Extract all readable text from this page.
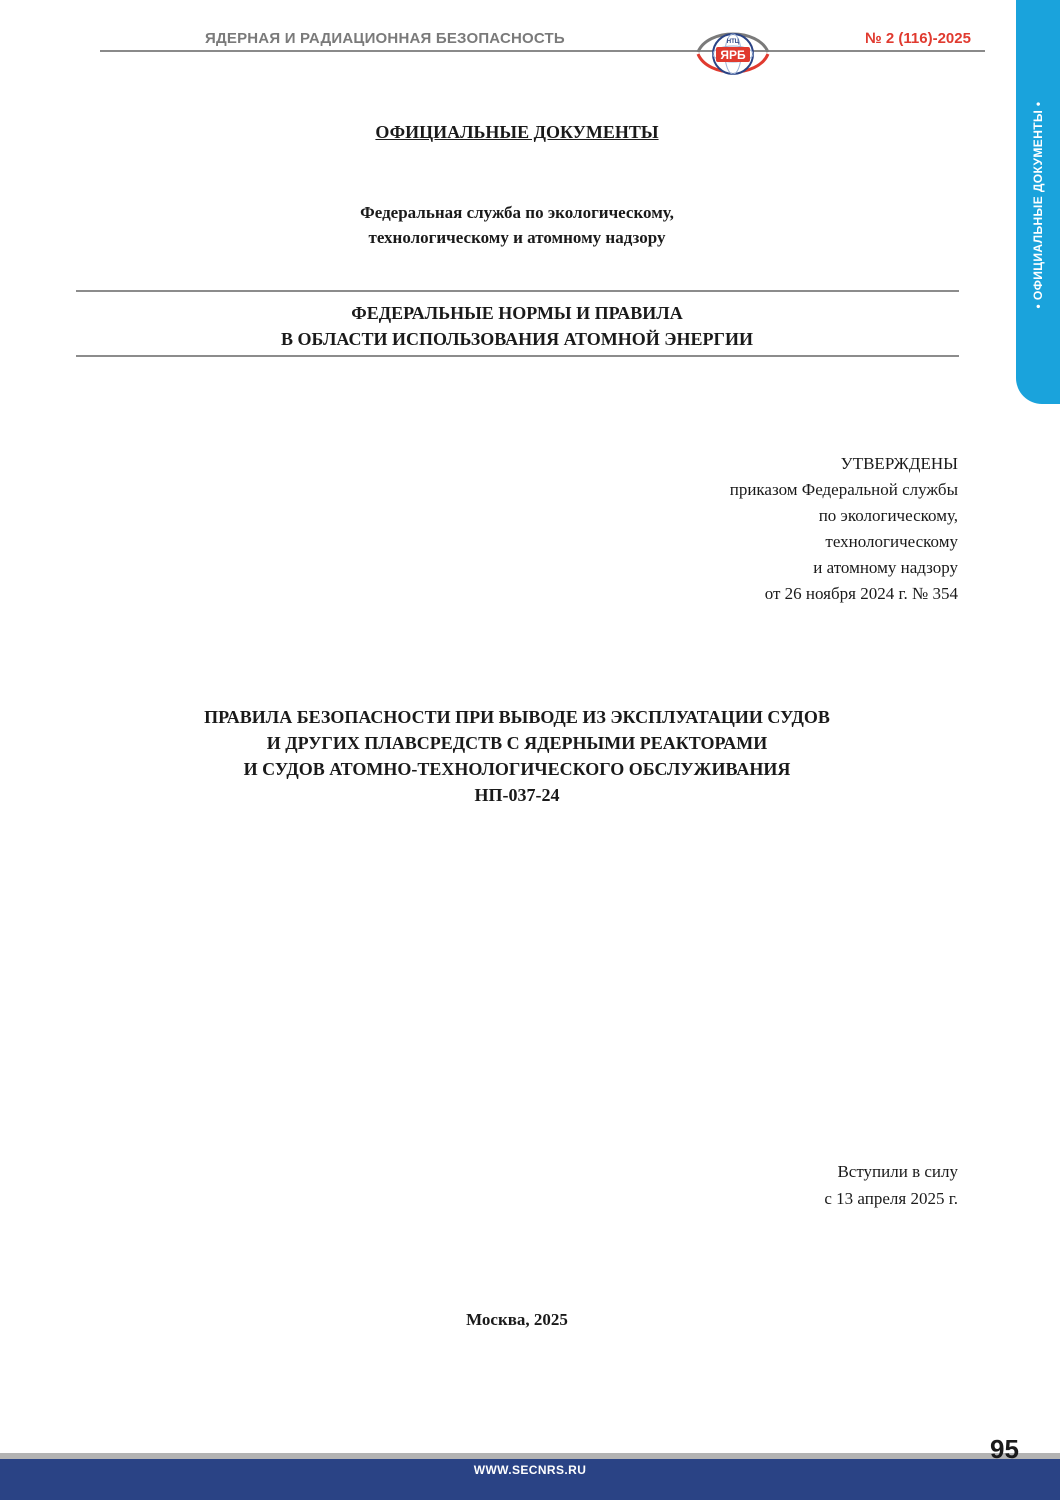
ЯДЕРНАЯ И РАДИАЦИОННАЯ БЕЗОПАСНОСТЬ
ЯРБ
НТЦ	№ 2 (116)-2025
• ОФИЦИАЛЬНЫЕ ДОКУМЕНТЫ •
ОФИЦИАЛЬНЫЕ ДОКУМЕНТЫ
Федеральная служба по экологическому,
технологическому и атомному надзору
ФЕДЕРАЛЬНЫЕ НОРМЫ И ПРАВИЛА
В ОБЛАСТИ ИСПОЛЬЗОВАНИЯ АТОМНОЙ ЭНЕРГИИ
УТВЕРЖДЕНЫ
приказом Федеральной службы
по экологическому,
технологическому
и атомному надзору
от 26 ноября 2024 г. № 354
ПРАВИЛА БЕЗОПАСНОСТИ ПРИ ВЫВОДЕ ИЗ ЭКСПЛУАТАЦИИ СУДОВ
И ДРУГИХ ПЛАВСРЕДСТВ С ЯДЕРНЫМИ РЕАКТОРАМИ
И СУДОВ АТОМНО-ТЕХНОЛОГИЧЕСКОГО ОБСЛУЖИВАНИЯ
НП-037-24
Вступили в силу
с 13 апреля 2025 г.
Москва, 2025
WWW.SECNRS.RU
95
